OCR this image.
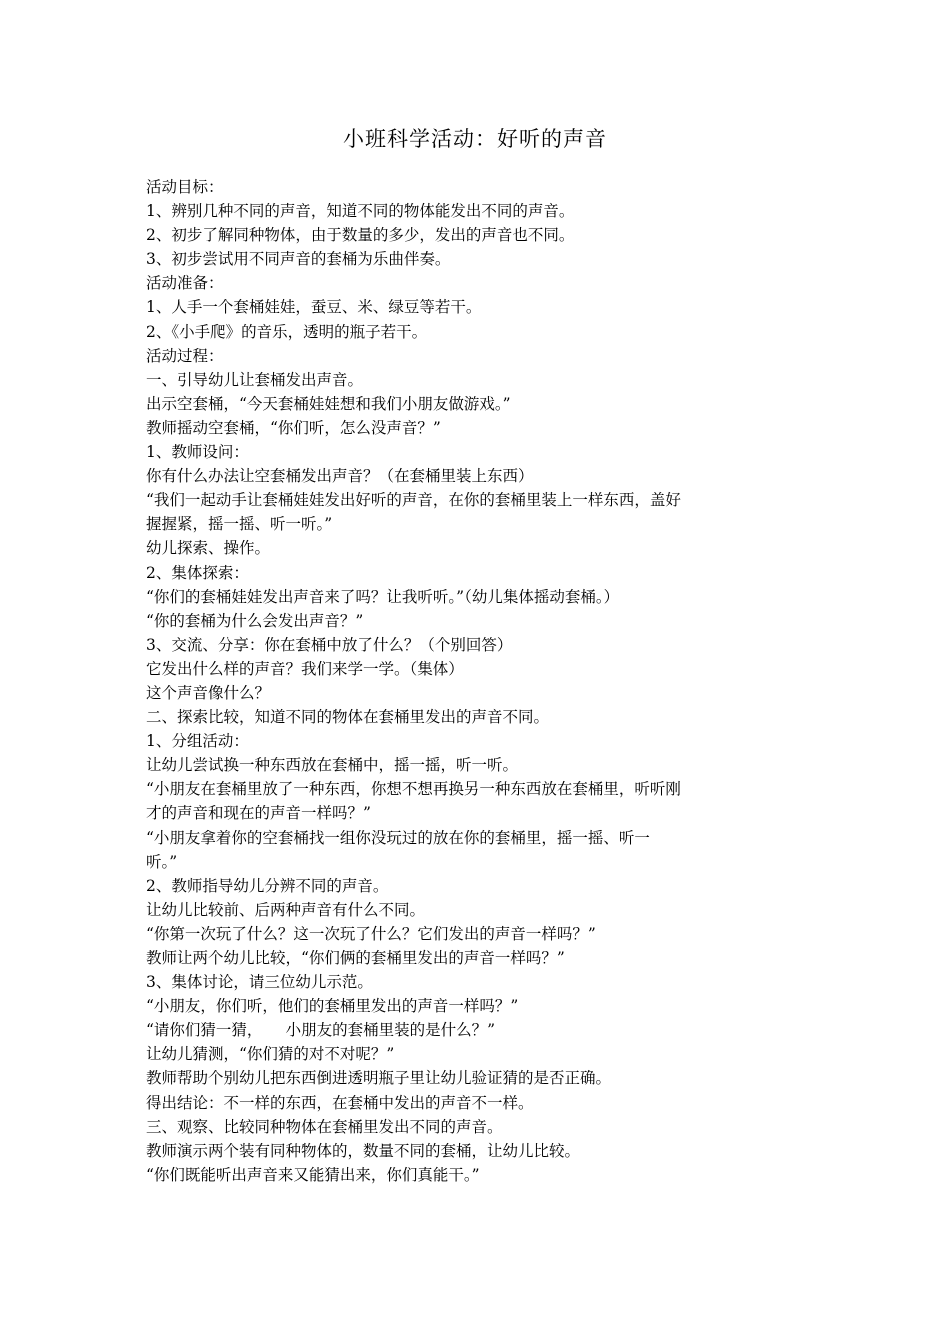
小班科学活动：好听的声音
活动目标：
1、辨别几种不同的声音，知道不同的物体能发出不同的声音。
2、初步了解同种物体，由于数量的多少，发出的声音也不同。
3、初步尝试用不同声音的套桶为乐曲伴奏。
活动准备：
1、人手一个套桶娃娃，蚕豆、米、绿豆等若干。
2、《小手爬》的音乐，透明的瓶子若干。
活动过程：
一、引导幼儿让套桶发出声音。
出示空套桶，“今天套桶娃娃想和我们小朋友做游戏。”
教师摇动空套桶，“你们听，怎么没声音？”
1、教师设问：
你有什么办法让空套桶发出声音？（在套桶里装上东西）
“我们一起动手让套桶娃娃发出好听的声音，在你的套桶里装上一样东西，盖好
握握紧，摇一摇、听一听。”
幼儿探索、操作。
2、集体探索：
“你们的套桶娃娃发出声音来了吗？让我听听。”（幼儿集体摇动套桶。）
“你的套桶为什么会发出声音？”
3、交流、分享：你在套桶中放了什么？（个别回答）
它发出什么样的声音？我们来学一学。（集体）
这个声音像什么？
二、探索比较，知道不同的物体在套桶里发出的声音不同。
1、分组活动：
让幼儿尝试换一种东西放在套桶中，摇一摇，听一听。
“小朋友在套桶里放了一种东西，你想不想再换另一种东西放在套桶里，听听刚
才的声音和现在的声音一样吗？”
“小朋友拿着你的空套桶找一组你没玩过的放在你的套桶里，摇一摇、听一
听。”
2、教师指导幼儿分辨不同的声音。
让幼儿比较前、后两种声音有什么不同。
“你第一次玩了什么？这一次玩了什么？它们发出的声音一样吗？”
教师让两个幼儿比较，“你们俩的套桶里发出的声音一样吗？”
3、集体讨论，请三位幼儿示范。
“小朋友，你们听，他们的套桶里发出的声音一样吗？”
“请你们猜一猜，　　小朋友的套桶里装的是什么？”
让幼儿猜测，“你们猜的对不对呢？”
教师帮助个别幼儿把东西倒进透明瓶子里让幼儿验证猜的是否正确。
得出结论：不一样的东西，在套桶中发出的声音不一样。
三、观察、比较同种物体在套桶里发出不同的声音。
教师演示两个装有同种物体的，数量不同的套桶，让幼儿比较。
“你们既能听出声音来又能猜出来，你们真能干。”
